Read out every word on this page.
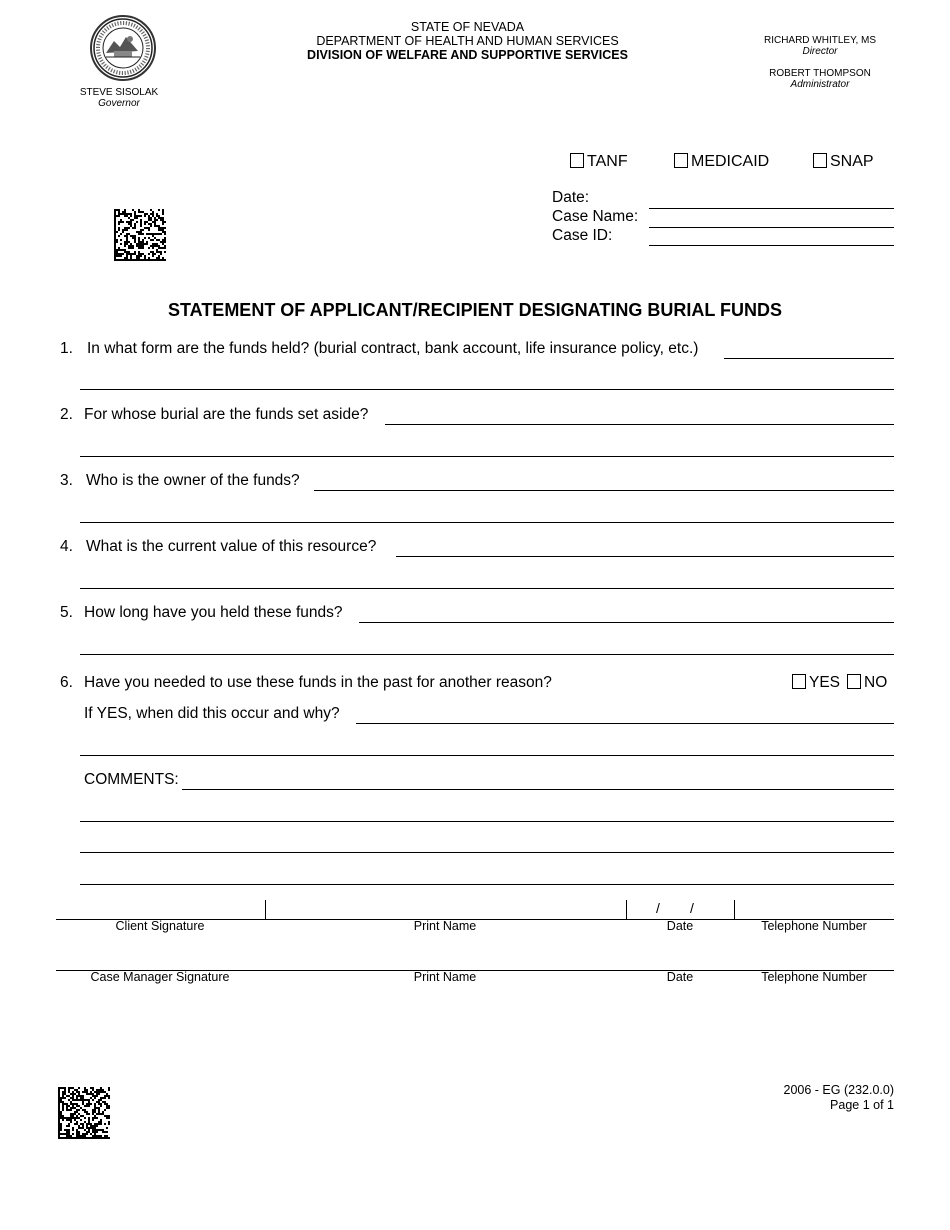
STEVE SISOLAK
Governor
STATE OF NEVADA
DEPARTMENT OF HEALTH AND HUMAN SERVICES
DIVISION OF WELFARE AND SUPPORTIVE SERVICES
RICHARD WHITLEY, MS
Director
ROBERT THOMPSON
Administrator
TANF	MEDICAID	SNAP
Date:
Case Name:
Case ID:
STATEMENT OF APPLICANT/RECIPIENT DESIGNATING BURIAL FUNDS
1. In what form are the funds held? (burial contract, bank account, life insurance policy, etc.)
2. For whose burial are the funds set aside?
3. Who is the owner of the funds?
4. What is the current value of this resource?
5. How long have you held these funds?
6. Have you needed to use these funds in the past for another reason?	YES	NO
If YES, when did this occur and why?
COMMENTS:
/ /
Client Signature	Print Name	Date	Telephone Number
Case Manager Signature	Print Name	Date	Telephone Number
2006 - EG (232.0.0)
Page 1 of 1
